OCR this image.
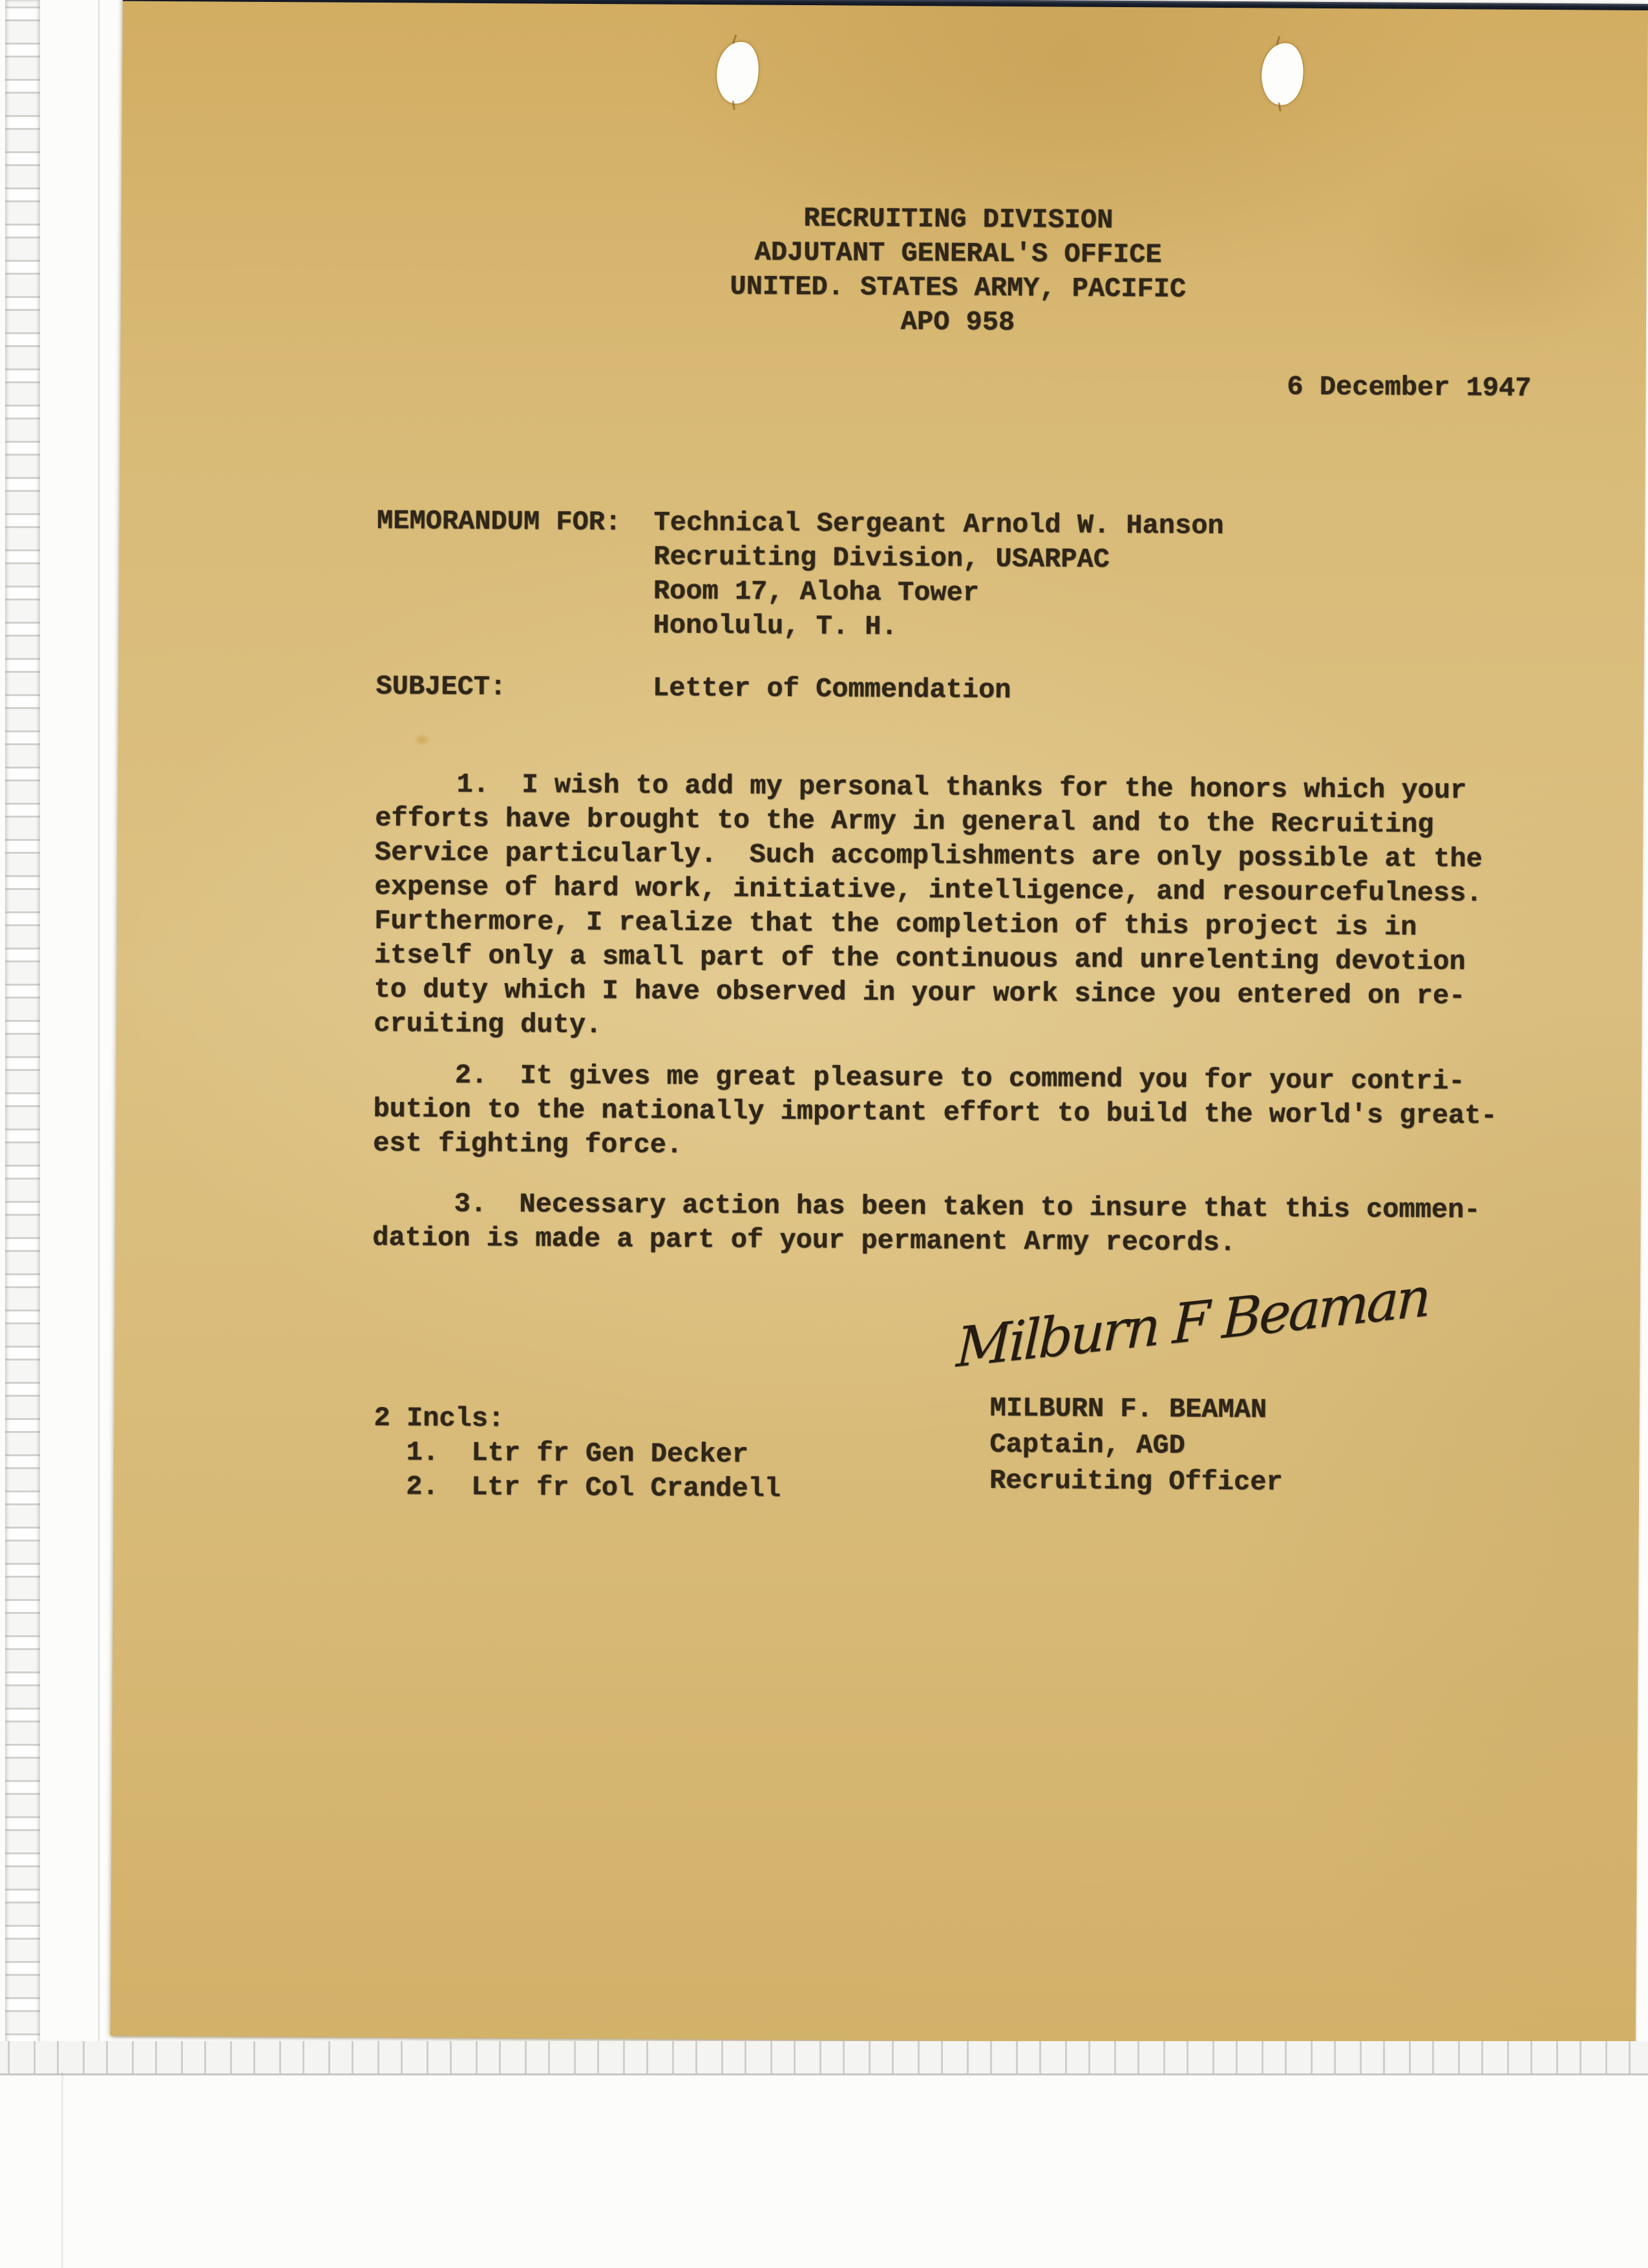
RECRUITING DIVISION
ADJUTANT GENERAL'S OFFICE
UNITED. STATES ARMY, PACIFIC
APO 958
6 December 1947
MEMORANDUM FOR:  Technical Sergeant Arnold W. Hanson
Recruiting Division, USARPAC
Room 17, Aloha Tower
Honolulu, T. H.
SUBJECT:         Letter of Commendation
1.  I wish to add my personal thanks for the honors which your
efforts have brought to the Army in general and to the Recruiting
Service particularly.  Such accomplishments are only possible at the
expense of hard work, initiative, intelligence, and resourcefulness.
Furthermore, I realize that the completion of this project is in
itself only a small part of the continuous and unrelenting devotion
to duty which I have observed in your work since you entered on re-
cruiting duty.
2.  It gives me great pleasure to commend you for your contri-
bution to the nationally important effort to build the world's great-
est fighting force.
3.  Necessary action has been taken to insure that this commen-
dation is made a part of your permanent Army records.
Milburn F Beaman
MILBURN F. BEAMAN
Captain, AGD
Recruiting Officer
2 Incls:
1.  Ltr fr Gen Decker
2.  Ltr fr Col Crandell
